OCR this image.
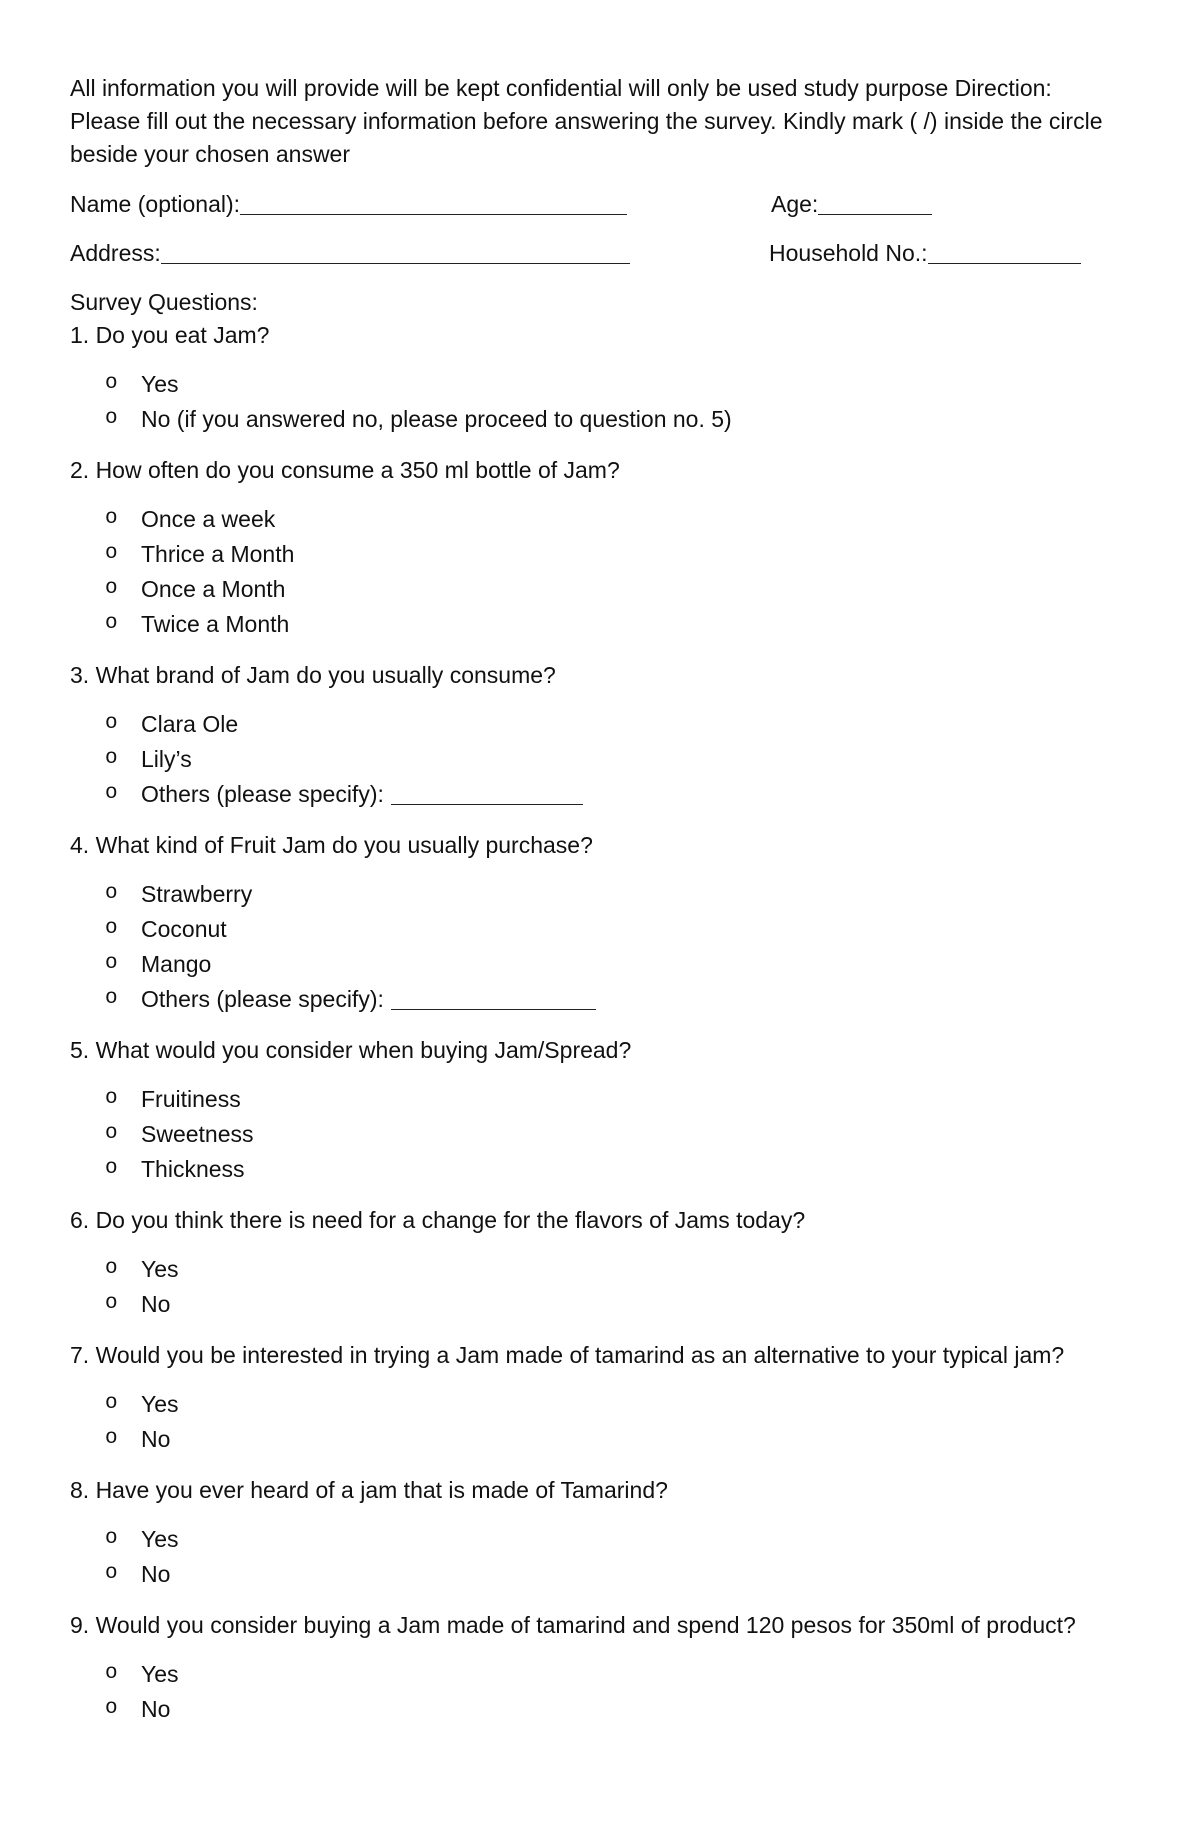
All information you will provide will be kept confidential will only be used study purpose Direction:
Please fill out the necessary information before answering the survey. Kindly mark ( /) inside the circle
beside your chosen answer
Name (optional):	Age:
Address:	Household No.:
Survey Questions:
1. Do you eat Jam?
o Yes
o No (if you answered no, please proceed to question no. 5)
2. How often do you consume a 350 ml bottle of Jam?
o Once a week
o Thrice a Month
o Once a Month
o Twice a Month
3. What brand of Jam do you usually consume?
o Clara Ole
o Lily’s
o Others (please specify):
4. What kind of Fruit Jam do you usually purchase?
o Strawberry
o Coconut
o Mango
o Others (please specify):
5. What would you consider when buying Jam/Spread?
o Fruitiness
o Sweetness
o Thickness
6. Do you think there is need for a change for the flavors of Jams today?
o Yes
o No
7. Would you be interested in trying a Jam made of tamarind as an alternative to your typical jam?
o Yes
o No
8. Have you ever heard of a jam that is made of Tamarind?
o Yes
o No
9. Would you consider buying a Jam made of tamarind and spend 120 pesos for 350ml of product?
o Yes
o No
